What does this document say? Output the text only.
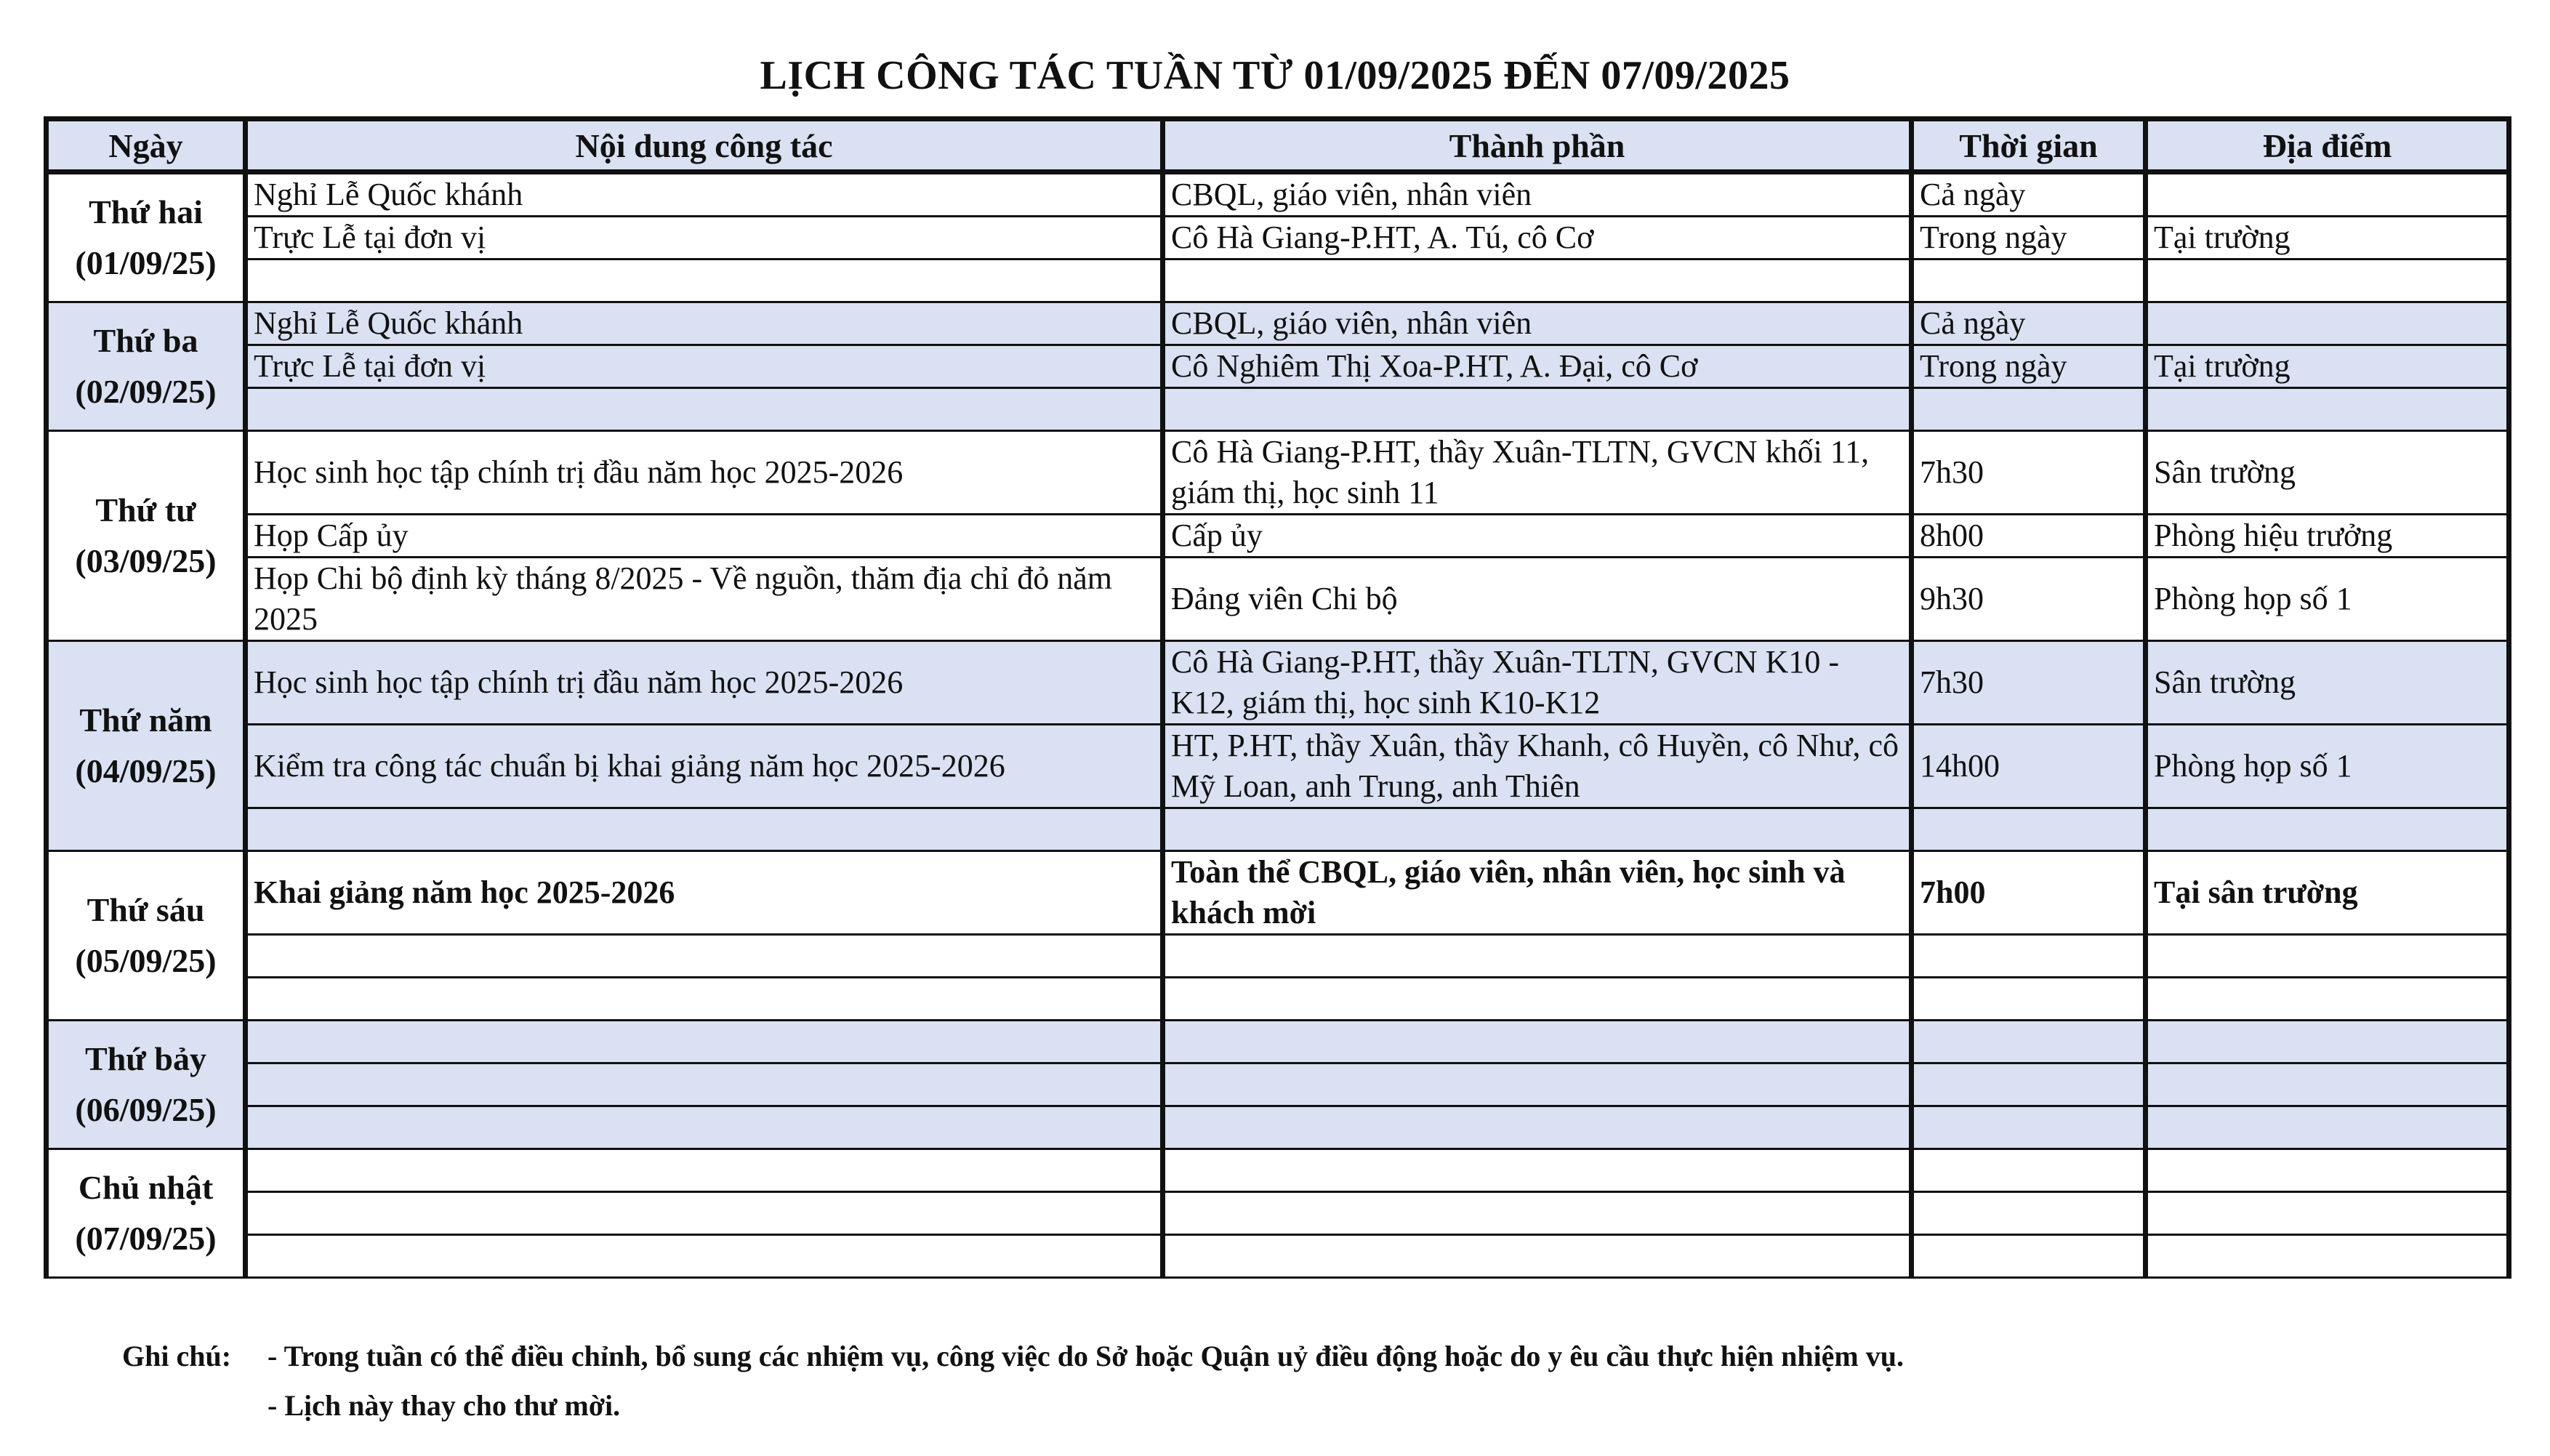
LỊCH CÔNG TÁC TUẦN TỪ 01/09/2025 ĐẾN 07/09/2025
Ngày	Nội dung công tác	Thành phần	Thời gian	Địa điểm

Thứ hai
(01/09/25)	Nghỉ Lễ Quốc khánh	CBQL, giáo viên, nhân viên	Cả ngày	
	Trực Lễ tại đơn vị	Cô Hà Giang-P.HT, A. Tú, cô Cơ	Trong ngày	Tại trường

Thứ ba
(02/09/25)	Nghỉ Lễ Quốc khánh	CBQL, giáo viên, nhân viên	Cả ngày	
	Trực Lễ tại đơn vị	Cô Nghiêm Thị Xoa-P.HT, A. Đại, cô Cơ	Trong ngày	Tại trường

Thứ tư
(03/09/25)	Học sinh học tập chính trị đầu năm học 2025-2026	Cô Hà Giang-P.HT, thầy Xuân-TLTN, GVCN khối 11, giám thị, học sinh 11	7h30	Sân trường
	Họp Cấp ủy	Cấp ủy	8h00	Phòng hiệu trưởng
	Họp Chi bộ định kỳ tháng 8/2025 - Về nguồn, thăm địa chỉ đỏ năm 2025	Đảng viên Chi bộ	9h30	Phòng họp số 1

Thứ năm
(04/09/25)	Học sinh học tập chính trị đầu năm học 2025-2026	Cô Hà Giang-P.HT, thầy Xuân-TLTN, GVCN K10 - K12, giám thị, học sinh K10-K12	7h30	Sân trường
	Kiểm tra công tác chuẩn bị khai giảng năm học 2025-2026	HT, P.HT, thầy Xuân, thầy Khanh, cô Huyền, cô Như, cô Mỹ Loan, anh Trung, anh Thiên	14h00	Phòng họp số 1

Thứ sáu
(05/09/25)	Khai giảng năm học 2025-2026	Toàn thể CBQL, giáo viên, nhân viên, học sinh và khách mời	7h00	Tại sân trường

Thứ bảy
(06/09/25)				

Chủ nhật
(07/09/25)				

Ghi chú: - Trong tuần có thể điều chỉnh, bổ sung các nhiệm vụ, công việc do Sở hoặc Quận uỷ điều động hoặc do y êu cầu thực hiện nhiệm vụ.
- Lịch này thay cho thư mời.
